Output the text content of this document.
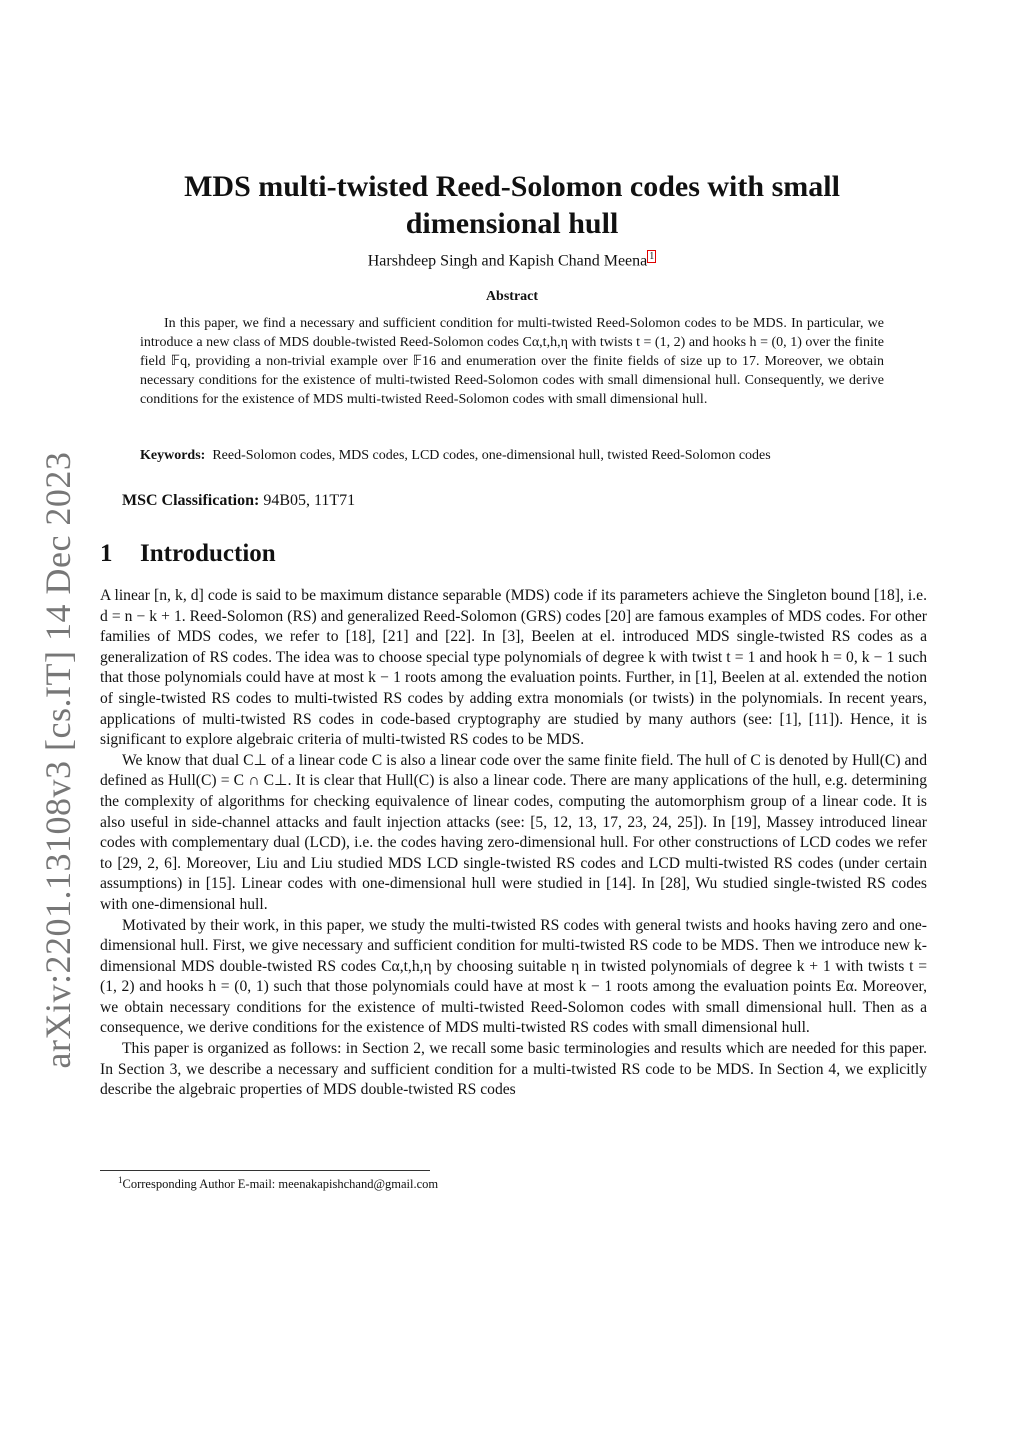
arXiv:2201.13108v3 [cs.IT] 14 Dec 2023
MDS multi-twisted Reed-Solomon codes with small dimensional hull
Harshdeep Singh and Kapish Chand Meena $^1$
Abstract

In this paper, we find a necessary and sufficient condition for multi-twisted Reed-Solomon codes to be MDS. In particular, we introduce a new class of MDS double-twisted Reed-Solomon codes Cα,t,h,η with twists t = (1, 2) and hooks h = (0, 1) over the finite field 𝔽q, providing a non-trivial example over 𝔽16 and enumeration over the finite fields of size up to 17. Moreover, we obtain necessary conditions for the existence of multi-twisted Reed-Solomon codes with small dimensional hull. Consequently, we derive conditions for the existence of MDS multi-twisted Reed-Solomon codes with small dimensional hull.

Keywords: Reed-Solomon codes, MDS codes, LCD codes, one-dimensional hull, twisted Reed-Solomon codes

MSC Classification: 94B05, 11T71

1 Introduction

A linear [n, k, d] code is said to be maximum distance separable (MDS) code if its parameters achieve the Singleton bound [18], i.e. d = n − k + 1. Reed-Solomon (RS) and generalized Reed-Solomon (GRS) codes [20] are famous examples of MDS codes. For other families of MDS codes, we refer to [18], [21] and [22]. In [3], Beelen at el. introduced MDS single-twisted RS codes as a generalization of RS codes. The idea was to choose special type polynomials of degree k with twist t = 1 and hook h = 0, k − 1 such that those polynomials could have at most k − 1 roots among the evaluation points. Further, in [1], Beelen at al. extended the notion of single-twisted RS codes to multi-twisted RS codes by adding extra monomials (or twists) in the polynomials. In recent years, applications of multi-twisted RS codes in code-based cryptography are studied by many authors (see: [1], [11]). Hence, it is significant to explore algebraic criteria of multi-twisted RS codes to be MDS.

We know that dual C⊥ of a linear code C is also a linear code over the same finite field. The hull of C is denoted by Hull(C) and defined as Hull(C) = C ∩ C⊥. It is clear that Hull(C) is also a linear code. There are many applications of the hull, e.g. determining the complexity of algorithms for checking equivalence of linear codes, computing the automorphism group of a linear code. It is also useful in side-channel attacks and fault injection attacks (see: [5, 12, 13, 17, 23, 24, 25]). In [19], Massey introduced linear codes with complementary dual (LCD), i.e. the codes having zero-dimensional hull. For other constructions of LCD codes we refer to [29, 2, 6]. Moreover, Liu and Liu studied MDS LCD single-twisted RS codes and LCD multi-twisted RS codes (under certain assumptions) in [15]. Linear codes with one-dimensional hull were studied in [14]. In [28], Wu studied single-twisted RS codes with one-dimensional hull.

Motivated by their work, in this paper, we study the multi-twisted RS codes with general twists and hooks having zero and one-dimensional hull. First, we give necessary and sufficient condition for multi-twisted RS code to be MDS. Then we introduce new k-dimensional MDS double-twisted RS codes Cα,t,h,η by choosing suitable η in twisted polynomials of degree k + 1 with twists t = (1, 2) and hooks h = (0, 1) such that those polynomials could have at most k − 1 roots among the evaluation points Eα. Moreover, we obtain necessary conditions for the existence of multi-twisted Reed-Solomon codes with small dimensional hull. Then as a consequence, we derive conditions for the existence of MDS multi-twisted RS codes with small dimensional hull.

This paper is organized as follows: in Section 2, we recall some basic terminologies and results which are needed for this paper. In Section 3, we describe a necessary and sufficient condition for a multi-twisted RS code to be MDS. In Section 4, we explicitly describe the algebraic properties of MDS double-twisted RS codes

$^1$Corresponding Author E-mail: meenakapishchand@gmail.com
